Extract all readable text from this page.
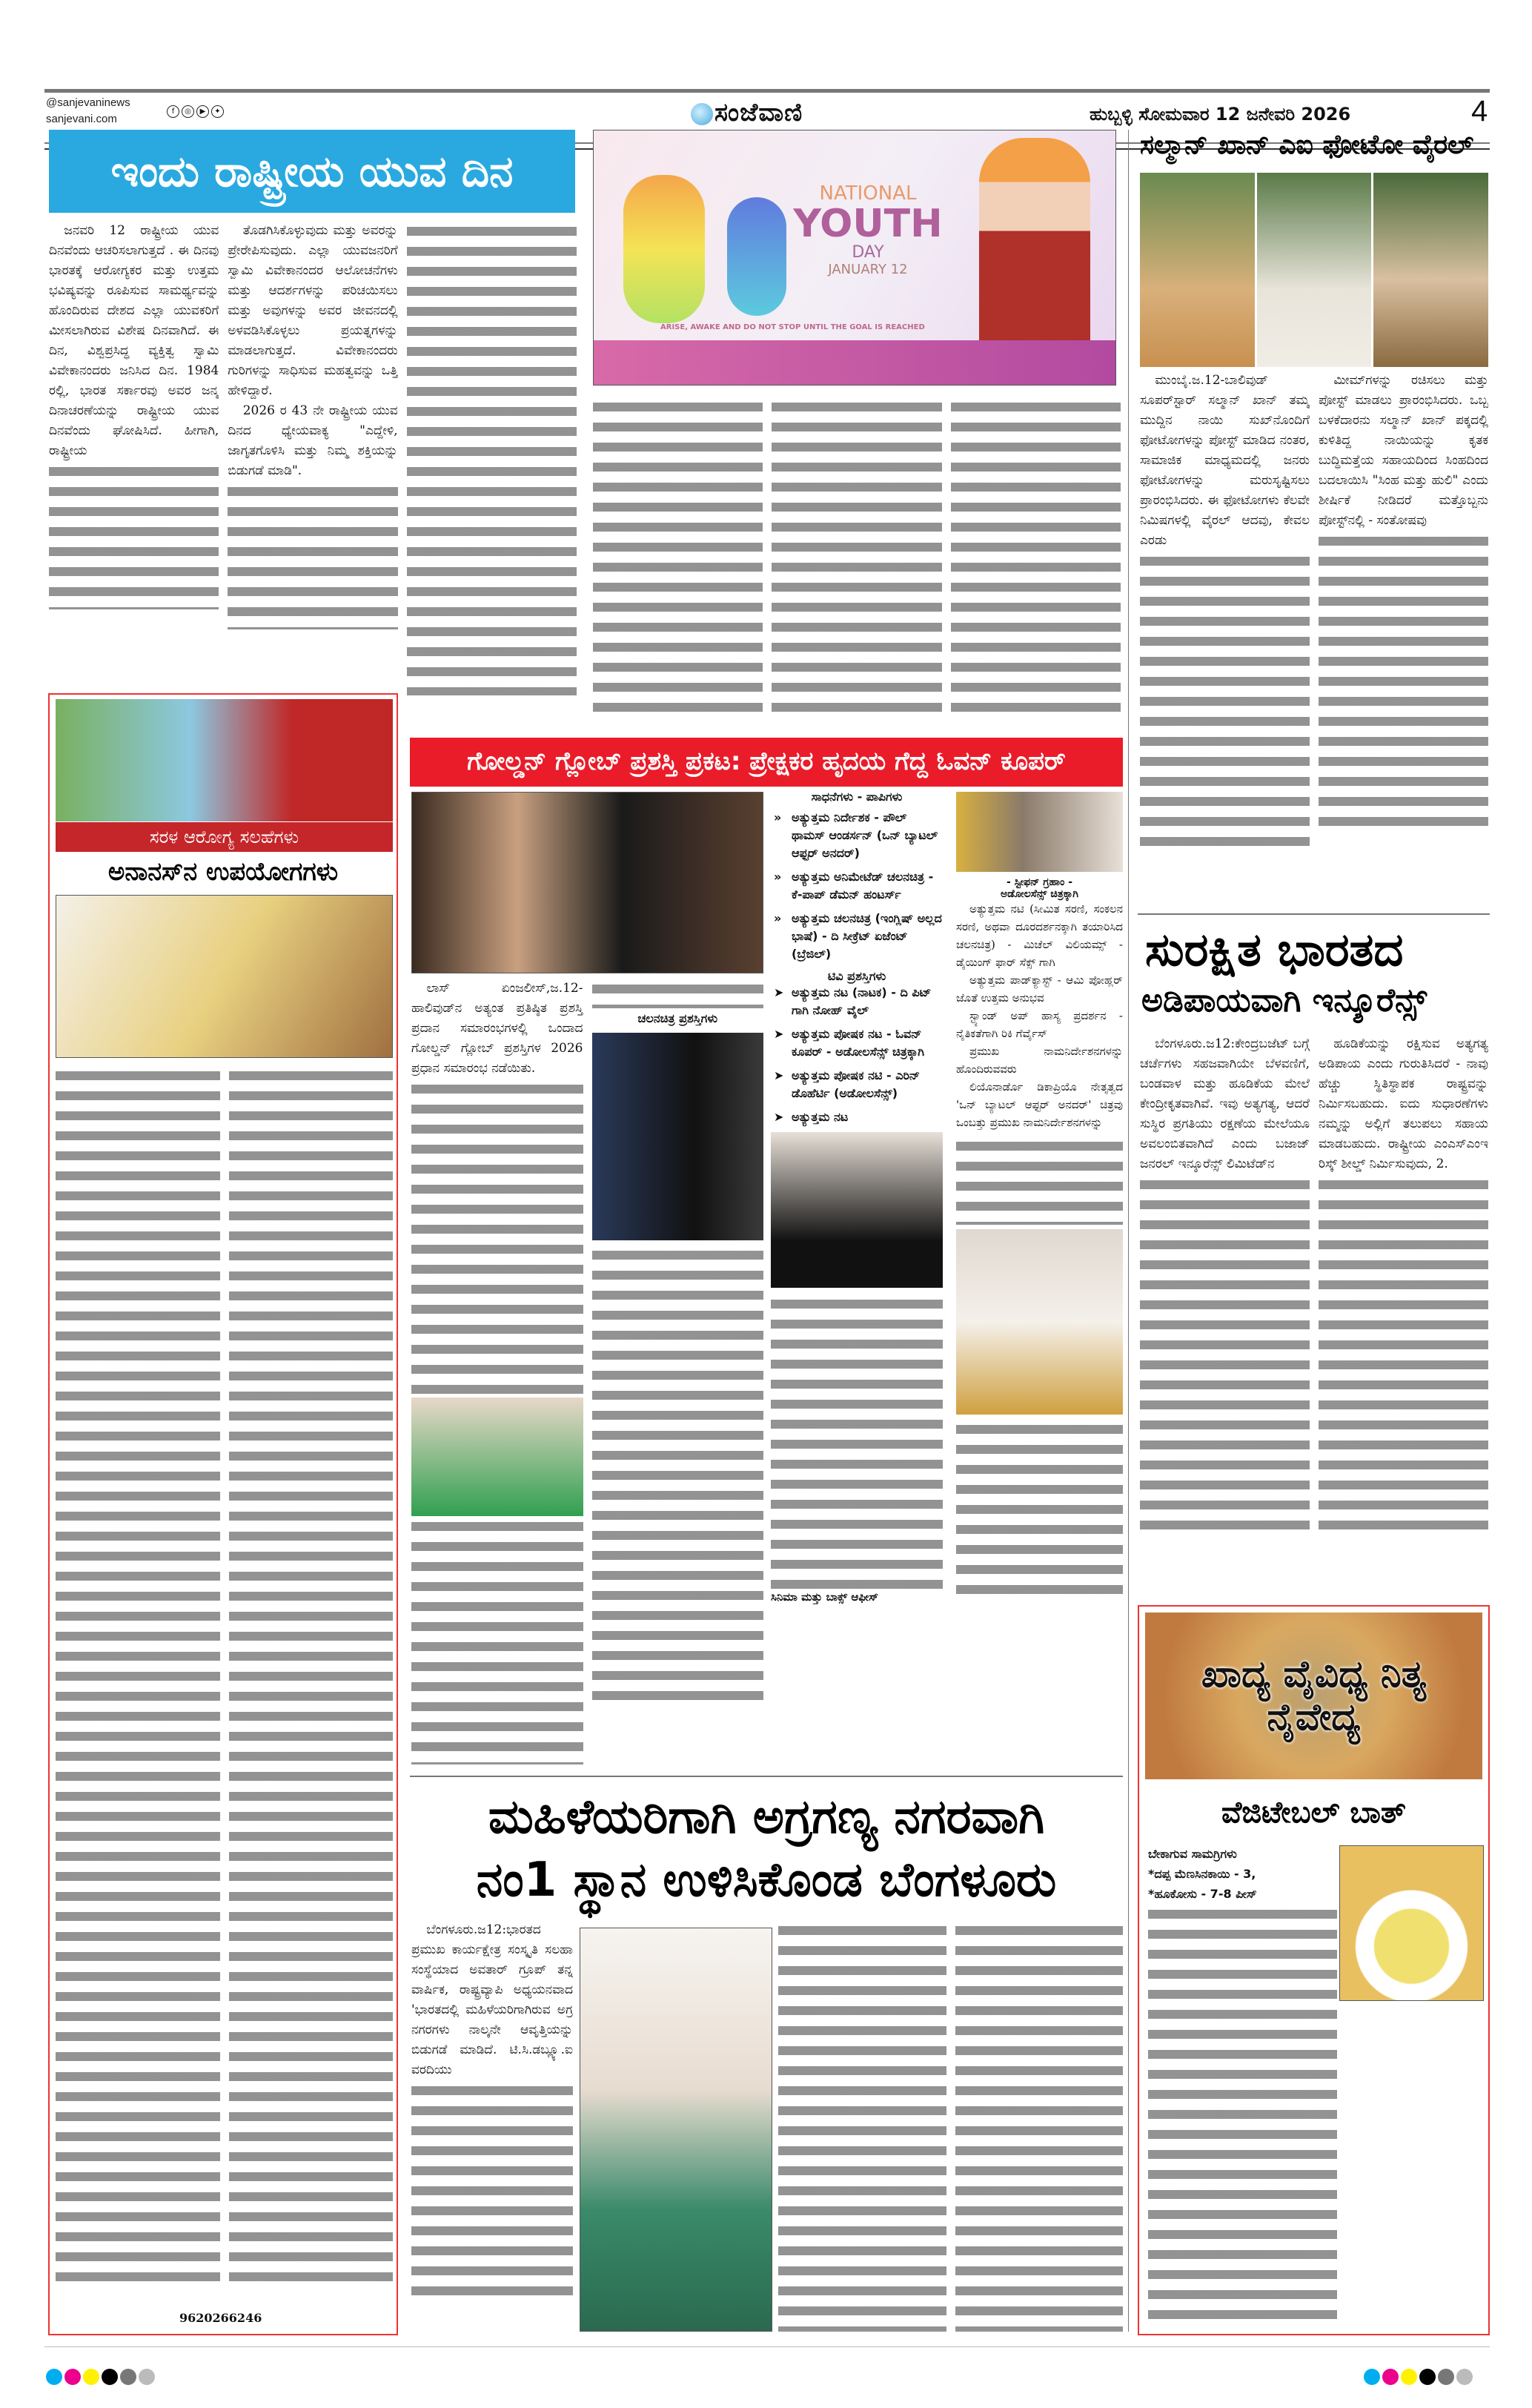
@sanjevaninews
sanjevani.com
f	◎	▶	✦	ಸಂಜೆವಾಣಿ	ಹುಬ್ಬಳ್ಳಿ ಸೋಮವಾರ 12 ಜನೇವರಿ 2026	4
ಇಂದು ರಾಷ್ಟ್ರೀಯ ಯುವ ದಿನ	NATIONAL
YOUTH
DAY
JANUARY 12
ARISE, AWAKE AND DO NOT STOP UNTIL THE GOAL IS REACHED

ಜನವರಿ 12 ರಾಷ್ಟ್ರೀಯ ಯುವ ದಿನವೆಂದು ಆಚರಿಸಲಾಗುತ್ತದೆ . ಈ ದಿನವು ಭಾರತಕ್ಕೆ ಆರೋಗ್ಯಕರ ಮತ್ತು ಉತ್ತಮ ಭವಿಷ್ಯವನ್ನು ರೂಪಿಸುವ ಸಾಮರ್ಥ್ಯವನ್ನು ಹೊಂದಿರುವ ದೇಶದ ಎಲ್ಲಾ ಯುವಕರಿಗೆ ಮೀಸಲಾಗಿರುವ ವಿಶೇಷ ದಿನವಾಗಿದೆ. ಈ ದಿನ, ವಿಶ್ವಪ್ರಸಿದ್ಧ ವ್ಯಕ್ತಿತ್ವ ಸ್ವಾಮಿ ವಿವೇಕಾನಂದರು ಜನಿಸಿದ ದಿನ. 1984 ರಲ್ಲಿ, ಭಾರತ ಸರ್ಕಾರವು ಅವರ ಜನ್ಮ ದಿನಾಚರಣೆಯನ್ನು ರಾಷ್ಟ್ರೀಯ ಯುವ ದಿನವೆಂದು ಘೋಷಿಸಿದೆ. ಹೀಗಾಗಿ, ರಾಷ್ಟ್ರೀಯ

ತೊಡಗಿಸಿಕೊಳ್ಳುವುದು ಮತ್ತು ಅವರನ್ನು ಪ್ರೇರೇಪಿಸುವುದು. ಎಲ್ಲಾ ಯುವಜನರಿಗೆ ಸ್ವಾಮಿ ವಿವೇಕಾನಂದರ ಆಲೋಚನೆಗಳು ಮತ್ತು ಆದರ್ಶಗಳನ್ನು ಪರಿಚಯಿಸಲು ಮತ್ತು ಅವುಗಳನ್ನು ಅವರ ಜೀವನದಲ್ಲಿ ಅಳವಡಿಸಿಕೊಳ್ಳಲು ಪ್ರಯತ್ನಗಳನ್ನು ಮಾಡಲಾಗುತ್ತದೆ. ವಿವೇಕಾನಂದರು ಗುರಿಗಳನ್ನು ಸಾಧಿಸುವ ಮಹತ್ವವನ್ನು ಒತ್ತಿ ಹೇಳಿದ್ದಾರೆ.

2026 ರ 43 ನೇ ರಾಷ್ಟ್ರೀಯ ಯುವ ದಿನದ ಧ್ಯೇಯವಾಕ್ಯ "ಎದ್ದೇಳಿ, ಜಾಗೃತಗೊಳಿಸಿ ಮತ್ತು ನಿಮ್ಮ ಶಕ್ತಿಯನ್ನು ಬಿಡುಗಡೆ ಮಾಡಿ".

ಸಲ್ಮಾನ್ ಖಾನ್ ಎಐ ಫೋಟೋ ವೈರಲ್

ಮುಂಬೈ.ಜ.12-ಬಾಲಿವುಡ್ ಸೂಪರ್‌ಸ್ಟಾರ್ ಸಲ್ಮಾನ್ ಖಾನ್ ತಮ್ಮ ಮುದ್ದಿನ ನಾಯಿ ಸುಖ್‌ನೊಂದಿಗೆ ಫೋಟೋಗಳನ್ನು ಪೋಸ್ಟ್ ಮಾಡಿದ ನಂತರ, ಸಾಮಾಜಿಕ ಮಾಧ್ಯಮದಲ್ಲಿ ಜನರು ಫೋಟೋಗಳನ್ನು ಮರುಸೃಷ್ಟಿಸಲು ಪ್ರಾರಂಭಿಸಿದರು. ಈ ಫೋಟೋಗಳು ಕೆಲವೇ ನಿಮಿಷಗಳಲ್ಲಿ ವೈರಲ್ ಆದವು, ಕೇವಲ ಎರಡು

ಮೀಮ್‌ಗಳನ್ನು ರಚಿಸಲು ಮತ್ತು ಪೋಸ್ಟ್ ಮಾಡಲು ಪ್ರಾರಂಭಿಸಿದರು. ಒಬ್ಬ ಬಳಕೆದಾರನು ಸಲ್ಮಾನ್ ಖಾನ್ ಪಕ್ಕದಲ್ಲಿ ಕುಳಿತಿದ್ದ ನಾಯಿಯನ್ನು ಕೃತಕ ಬುದ್ಧಿಮತ್ತೆಯ ಸಹಾಯದಿಂದ ಸಿಂಹದಿಂದ ಬದಲಾಯಿಸಿ "ಸಿಂಹ ಮತ್ತು ಹುಲಿ" ಎಂದು ಶೀರ್ಷಿಕೆ ನೀಡಿದರೆ ಮತ್ತೊಬ್ಬನು ಪೋಸ್ಟ್‌ನಲ್ಲಿ - ಸಂತೋಷವು

ಸುರಕ್ಷಿತ ಭಾರತದ
ಅಡಿಪಾಯವಾಗಿ ಇನ್ಶೂರೆನ್ಸ್

ಬೆಂಗಳೂರು.ಜ12:ಕೇಂದ್ರಬಜೆಟ್ ಬಗ್ಗೆ ಚರ್ಚೆಗಳು ಸಹಜವಾಗಿಯೇ ಬೆಳವಣಿಗೆ, ಬಂಡವಾಳ ಮತ್ತು ಹೂಡಿಕೆಯ ಮೇಲೆ ಕೇಂದ್ರೀಕೃತವಾಗಿವೆ. ಇವು ಅತ್ಯಗತ್ಯ, ಆದರೆ ಸುಸ್ಥಿರ ಪ್ರಗತಿಯು ರಕ್ಷಣೆಯ ಮೇಲೆಯೂ ಅವಲಂಬಿತವಾಗಿದೆ ಎಂದು ಬಜಾಜ್ ಜನರಲ್ ಇನ್ಶೂರೆನ್ಸ್ ಲಿಮಿಟೆಡ್‌ನ

ಹೂಡಿಕೆಯನ್ನು ರಕ್ಷಿಸುವ ಅತ್ಯಗತ್ಯ ಅಡಿಪಾಯ ಎಂದು ಗುರುತಿಸಿದರೆ - ನಾವು ಹೆಚ್ಚು ಸ್ಥಿತಿಸ್ಥಾಪಕ ರಾಷ್ಟ್ರವನ್ನು ನಿರ್ಮಿಸಬಹುದು. ಐದು ಸುಧಾರಣೆಗಳು ನಮ್ಮನ್ನು ಅಲ್ಲಿಗೆ ತಲುಪಲು ಸಹಾಯ ಮಾಡಬಹುದು. ರಾಷ್ಟ್ರೀಯ ಎಂಎಸ್‌ಎಂಇ ರಿಸ್ಕ್ ಶೀಲ್ಡ್ ನಿರ್ಮಿಸುವುದು, 2.

ಖಾದ್ಯ ವೈವಿಧ್ಯ ನಿತ್ಯ ನೈವೇದ್ಯ
ವೆಜಿಟೇಬಲ್ ಬಾತ್
ಬೇಕಾಗುವ ಸಾಮಗ್ರಿಗಳು
*ದಪ್ಪ ಮೆಣಸಿನಕಾಯಿ - 3,
*ಹೂಕೋಸು - 7-8 ಪೀಸ್
ಸರಳ ಆರೋಗ್ಯ ಸಲಹೆಗಳು
ಅನಾನಸ್‌ನ ಉಪಯೋಗಗಳು
9620266246
ಗೋಲ್ಡನ್ ಗ್ಲೋಬ್ ಪ್ರಶಸ್ತಿ ಪ್ರಕಟ: ಪ್ರೇಕ್ಷಕರ ಹೃದಯ ಗೆದ್ದ ಓವನ್ ಕೂಪರ್

ಲಾಸ್ ಏಂಜಲೀಸ್,ಜ.12-ಹಾಲಿವುಡ್‌ನ ಅತ್ಯಂತ ಪ್ರತಿಷ್ಠಿತ ಪ್ರಶಸ್ತಿ ಪ್ರದಾನ ಸಮಾರಂಭಗಳಲ್ಲಿ ಒಂದಾದ ಗೋಲ್ಡನ್ ಗ್ಲೋಬ್ ಪ್ರಶಸ್ತಿಗಳ 2026 ಪ್ರಧಾನ ಸಮಾರಂಭ ನಡೆಯಿತು.

ಚಲನಚಿತ್ರ ಪ್ರಶಸ್ತಿಗಳು
ಸಾಧನೆಗಳು - ಪಾಪಿಗಳು
» ಅತ್ಯುತ್ತಮ ನಿರ್ದೇಶಕ - ಪೌಲ್ ಥಾಮಸ್ ಆಂಡರ್ಸನ್ (ಒನ್ ಬ್ಯಾಟಲ್ ಆಫ್ಟರ್ ಅನದರ್)
» ಅತ್ಯುತ್ತಮ ಅನಿಮೇಟೆಡ್ ಚಲನಚಿತ್ರ - ಕೆ-ಪಾಪ್ ಡೆಮನ್ ಹಂಟರ್ಸ್
» ಅತ್ಯುತ್ತಮ ಚಲನಚಿತ್ರ (ಇಂಗ್ಲಿಷ್ ಅಲ್ಲದ ಭಾಷೆ) - ದಿ ಸೀಕ್ರೆಟ್ ಏಜೆಂಟ್ (ಬ್ರೆಜಿಲ್)
ಟಿವಿ ಪ್ರಶಸ್ತಿಗಳು
➤ ಅತ್ಯುತ್ತಮ ನಟ (ನಾಟಕ) - ದಿ ಪಿಟ್ ಗಾಗಿ ನೋಹ್ ವೈಲ್
➤ ಅತ್ಯುತ್ತಮ ಪೋಷಕ ನಟ - ಓವನ್ ಕೂಪರ್ - ಅಡೋಲಸೆನ್ಸ್ ಚಿತ್ರಕ್ಕಾಗಿ
➤ ಅತ್ಯುತ್ತಮ ಪೋಷಕ ನಟಿ - ಎರಿನ್ ಡೊಹೆರ್ಟಿ (ಅಡೋಲಸೆನ್ಸ್)
➤ ಅತ್ಯುತ್ತಮ ನಟ
ಸಿನಿಮಾ ಮತ್ತು ಬಾಕ್ಸ್ ಆಫೀಸ್
- ಸ್ಟೀಫನ್ ಗ್ರಹಾಂ -
ಅಡೋಲಸೆನ್ಸ್ ಚಿತ್ರಕ್ಕಾಗಿ

ಅತ್ಯುತ್ತಮ ನಟಿ (ಸೀಮಿತ ಸರಣಿ, ಸಂಕಲನ ಸರಣಿ, ಅಥವಾ ದೂರದರ್ಶನಕ್ಕಾಗಿ ತಯಾರಿಸಿದ ಚಲನಚಿತ್ರ) - ಮಿಚೆಲ್ ವಿಲಿಯಮ್ಸ್ - ಡೈಯಿಂಗ್ ಫಾರ್ ಸೆಕ್ಸ್ ಗಾಗಿ

ಅತ್ಯುತ್ತಮ ಪಾಡ್‌ಕ್ಯಾಸ್ಟ್ - ಆಮಿ ಪೋಹ್ಲರ್ ಜೊತೆ ಉತ್ತಮ ಅನುಭವ

ಸ್ಟ್ಯಾಂಡ್ ಅಪ್ ಹಾಸ್ಯ ಪ್ರದರ್ಶನ - ನೈತಿಕತೆಗಾಗಿ ರಿಕಿ ಗೆರ್ವೈಸ್

ಪ್ರಮುಖ ನಾಮನಿರ್ದೇಶನಗಳನ್ನು ಹೊಂದಿರುವವರು

ಲಿಯೊನಾರ್ಡೊ ಡಿಕಾಪ್ರಿಯೊ ನೇತೃತ್ವದ 'ಒನ್ ಬ್ಯಾಟಲ್ ಆಫ್ಟರ್ ಅನದರ್' ಚಿತ್ರವು ಒಂಬತ್ತು ಪ್ರಮುಖ ನಾಮನಿರ್ದೇಶನಗಳನ್ನು

ಮಹಿಳೆಯರಿಗಾಗಿ ಅಗ್ರಗಣ್ಯ ನಗರವಾಗಿ
ನಂ1 ಸ್ಥಾನ ಉಳಿಸಿಕೊಂಡ ಬೆಂಗಳೂರು

ಬೆಂಗಳೂರು.ಜ12:ಭಾರತದ ಪ್ರಮುಖ ಕಾರ್ಯಕ್ಷೇತ್ರ ಸಂಸ್ಕೃತಿ ಸಲಹಾ ಸಂಸ್ಥೆಯಾದ ಅವತಾರ್ ಗ್ರೂಪ್ ತನ್ನ ವಾರ್ಷಿಕ, ರಾಷ್ಟ್ರವ್ಯಾಪಿ ಅಧ್ಯಯನವಾದ 'ಭಾರತದಲ್ಲಿ ಮಹಿಳೆಯರಿಗಾಗಿರುವ ಅಗ್ರ ನಗರಗಳು ನಾಲ್ಕನೇ ಆವೃತ್ತಿಯನ್ನು ಬಿಡುಗಡೆ ಮಾಡಿದೆ. ಟಿ.ಸಿ.ಡಬ್ಲ್ಯೂ.ಐ ವರದಿಯು
